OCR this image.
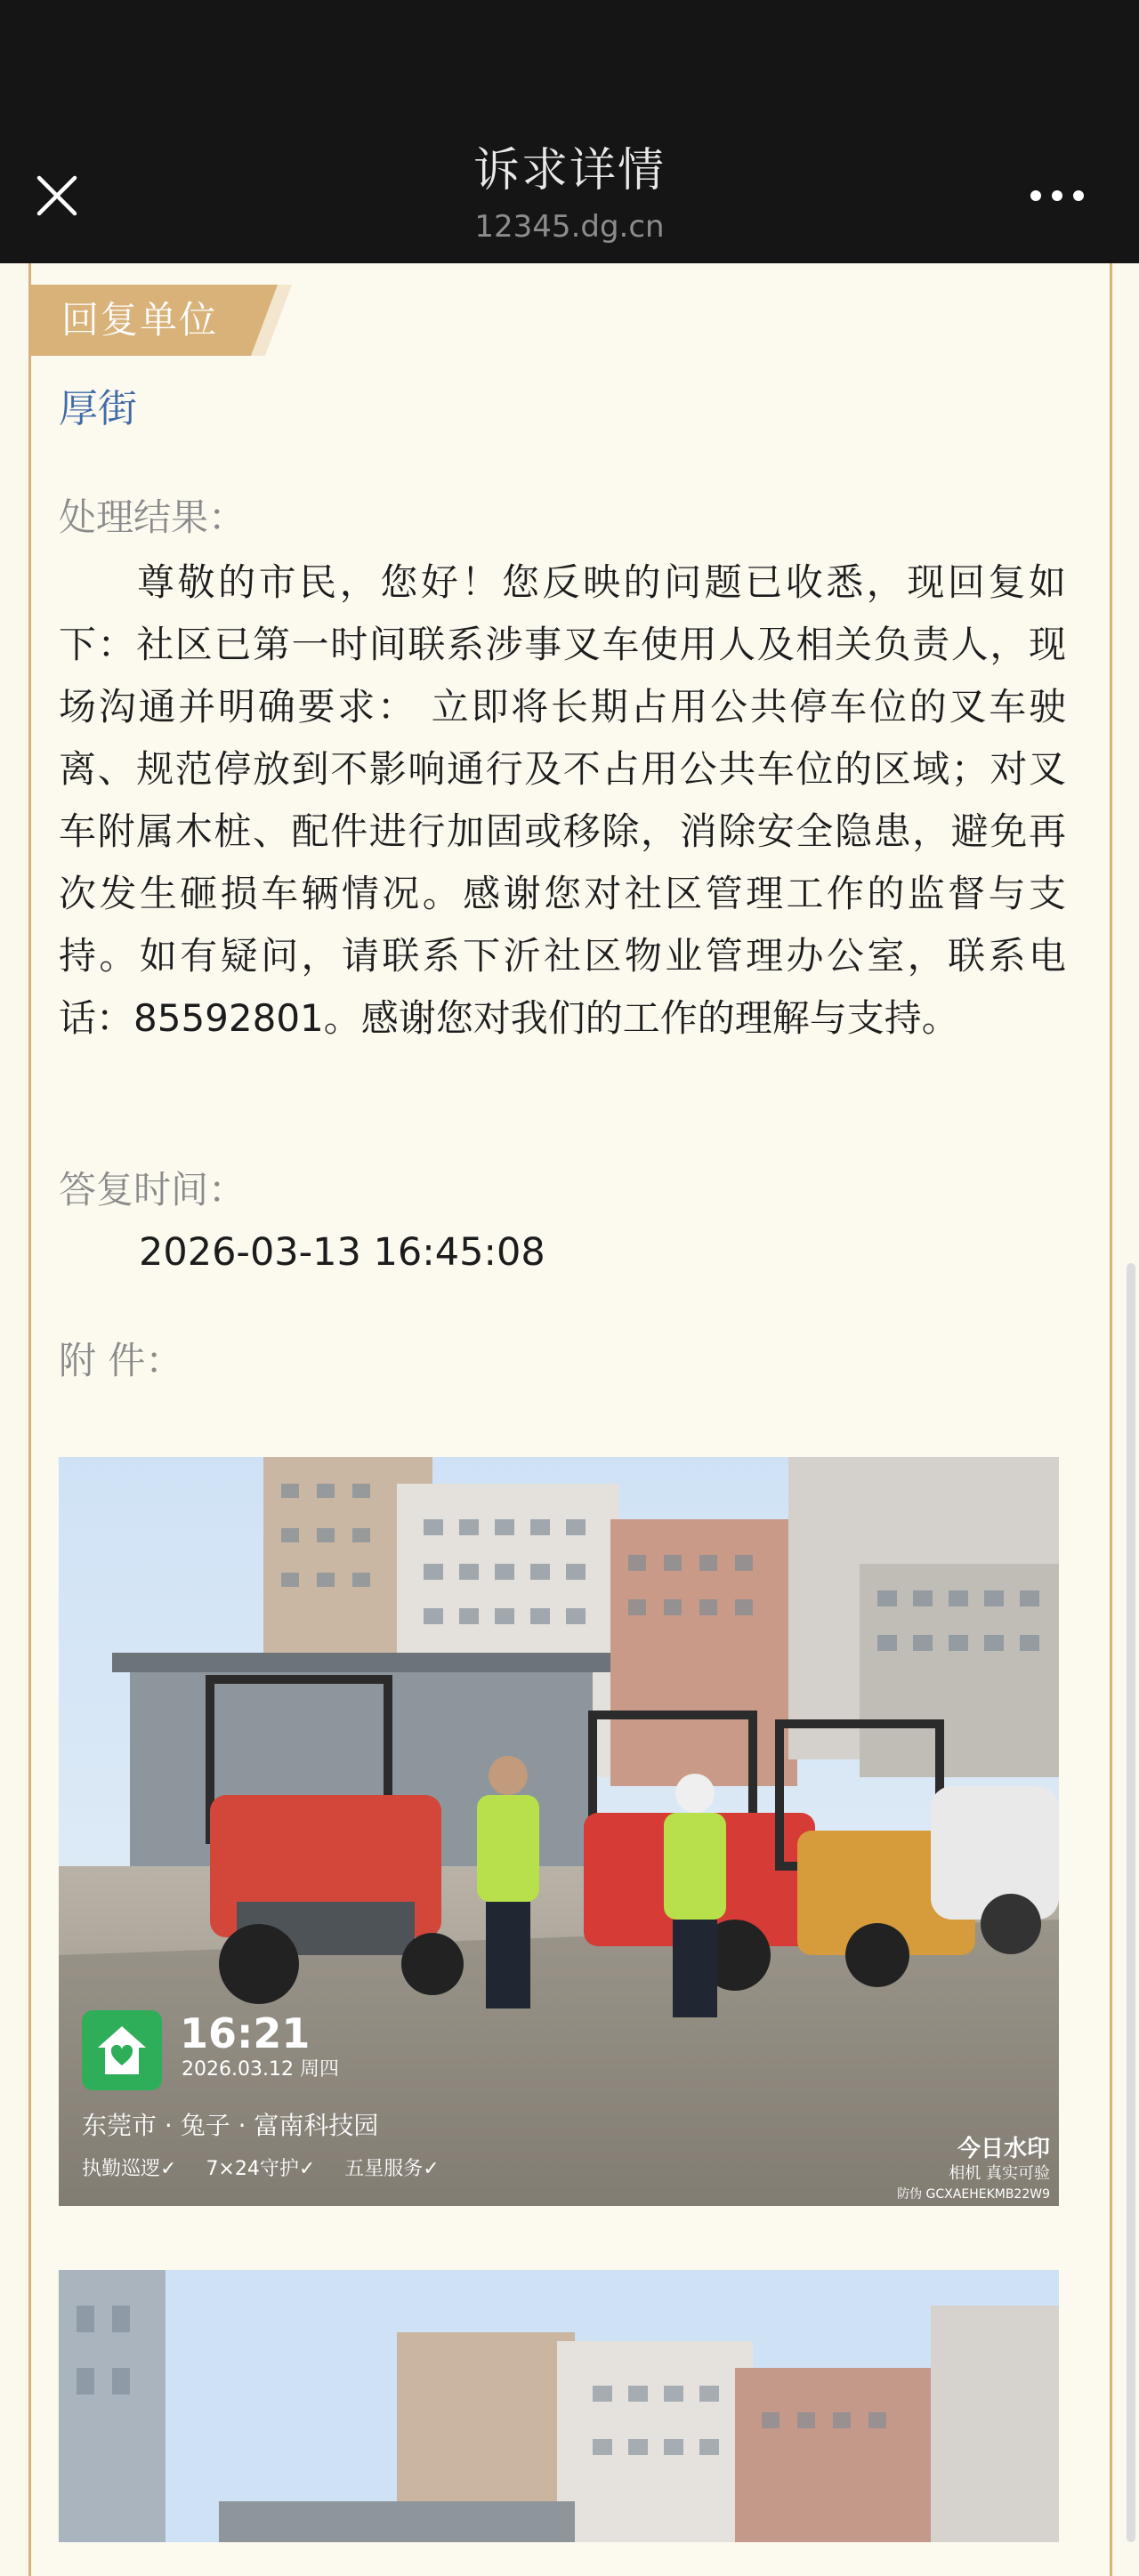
诉求详情
12345.dg.cn
回复单位
厚街
处理结果：
尊敬的市民，您好！您反映的问题已收悉，现回复如下：社区已第一时间联系涉事叉车使用人及相关负责人，现场沟通并明确要求： 立即将长期占用公共停车位的叉车驶离、规范停放到不影响通行及不占用公共车位的区域；对叉车附属木桩、配件进行加固或移除，消除安全隐患，避免再次发生砸损车辆情况。感谢您对社区管理工作的监督与支持。如有疑问，请联系下沂社区物业管理办公室，联系电话：85592801。感谢您对我们的工作的理解与支持。
答复时间：
2026-03-13 16:45:08
附 件：
16:21
2026.03.12 周四
东莞市 · 兔子 · 富南科技园
执勤巡逻✓ 7×24守护✓ 五星服务✓
今日水印
相机 真实可验
防伪 GCXAEHEKMB22W9
